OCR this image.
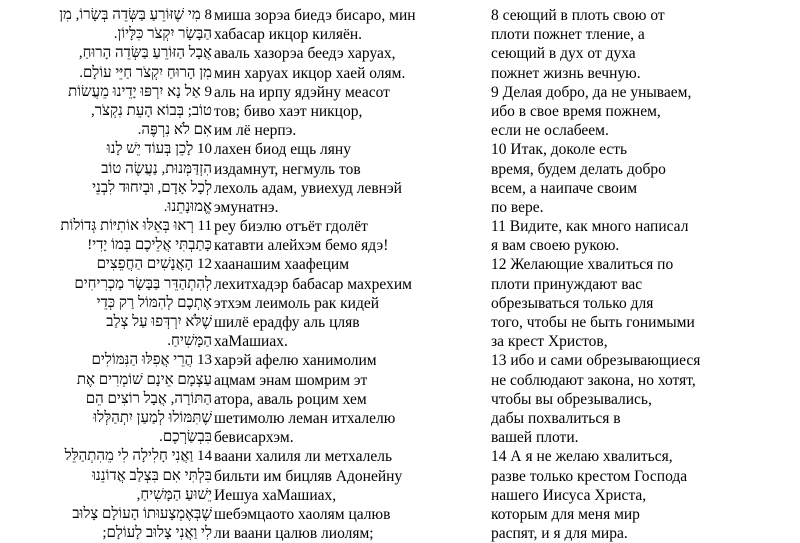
8 מִי שֶׁזּוֹרֵעַ בַּשְּׂדֵה בְּשָׂרוֹ, מִן
הַבָּשָׂר יִקְצֹר כִּלָּיוֹן.
אֲבָל הַזּוֹרֵעַ בַּשְּׂדֵה הָרוּחַ,
מִן הָרוּחַ יִקְצֹר חַיֵּי עוֹלָם.
9 אַל נָא יִרְפּוּ יָדֵינוּ מֵעֲשׂוֹת
טוֹב; בְּבוֹא הָעֵת נִקְצֹר,
אִם לֹא נִרְפֶּה.
10 לָכֵן בְּעוֹד יֵשׁ לָנוּ
הִזְדַּמְּנוּת, נַעֲשֶׂה טוֹב
לְכָל אָדָם, וּבְיִחוּד לִבְנֵי
אֱמוּנָתֵנוּ.
11 רְאוּ בְּאֵלּוּ אוֹתִיּוֹת גְּדוֹלוֹת
כָּתַבְתִּי אֲלֵיכֶם בְּמוֹ יָדִי!
12 הָאֲנָשִׁים הַחֲפֵצִים
לְהִתְהַדֵּר בַּבָּשָׂר מַכְרִיחִים
אֶתְכֶם לְהִמּוֹל רַק כְּדֵי
שֶׁלֹּא יִרְדְּפוּ עַל צְלַב
הַמָּשִׁיחַ.
13 הֲרֵי אֲפִלּוּ הַנִּמּוֹלִים
עַצְמָם אֵינָם שׁוֹמְרִים אֶת
הַתּוֹרָה, אֲבָל רוֹצִים הֵם
שֶׁתִּמּוֹלוּ לְמַעַן יִתְהַלְּלוּ
בִּבְשַׂרְכֶם.
14 וַאֲנִי חָלִילָה לִי מֵהִתְהַלֵּל
בִּלְתִּי אִם בִּצְלַב אֲדוֹנֵנוּ
יֵשׁוּעַ הַמָּשִׁיחַ,
שֶׁבְּאֶמְצָעוּתוֹ הָעוֹלָם צָלוּב
לִי וַאֲנִי צָלוּב לָעוֹלָם;
миша зорэа биедэ бисаро, мин
хабасар икцор киляён.
аваль хазорэа беедэ харуах,
мин харуах икцор хаей олям.
аль на ирпу ядэйну меасот
тов; биво хаэт никцор,
им лё нерпэ.
лахен биод ещь ляну
издамнут, негмуль тов
лехоль адам, увиехуд левнэй
эмунатнэ.
реу биэлю отъёт гдолёт
катавти алейхэм бемо ядэ!
хаанашим хаафецим
лехитхадэр бабасар махрехим
этхэм леимоль рак кидей
шилё ерадфу аль цляв
хаМашиах.
харэй афелю ханимолим
ацмам энам шомрим эт
атора, аваль роцим хем
шетимолю леман итхалелю
бевисархэм.
ваани халиля ли метхалель
бильти им бицляв Адонейну
Иешуа хаМашиах,
шебэмцаото хаолям цалюв
ли ваани цалюв лиолям;
8 сеющий в плоть свою от
плоти пожнет тление, а
сеющий в дух от духа
пожнет жизнь вечную.
9 Делая добро, да не унываем,
ибо в свое время пожнем,
если не ослабеем.
10 Итак, доколе есть
время, будем делать добро
всем, а наипаче своим
по вере.
11 Видите, как много написал
я вам своею рукою.
12 Желающие хвалиться по
плоти принуждают вас
обрезываться только для
того, чтобы не быть гонимыми
за крест Христов,
13 ибо и сами обрезывающиеся
не соблюдают закона, но хотят,
чтобы вы обрезывались,
дабы похвалиться в
вашей плоти.
14 А я не желаю хвалиться,
разве только крестом Господа
нашего Иисуса Христа,
которым для меня мир
распят, и я для мира.
